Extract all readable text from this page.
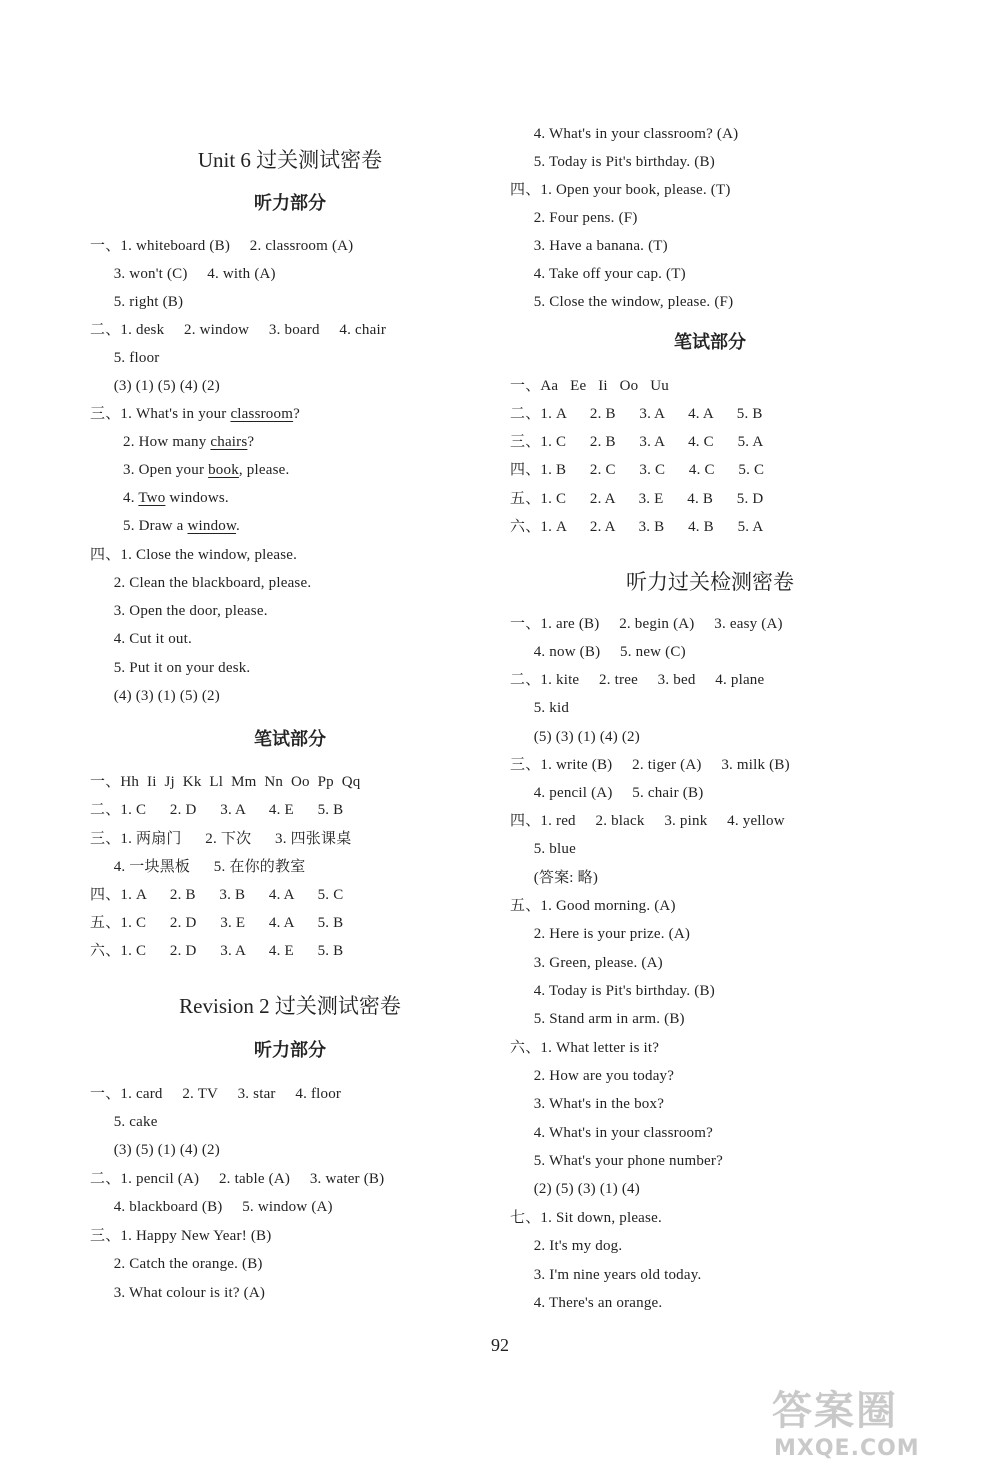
Unit 6 过关测试密卷
听力部分
一、1. whiteboard (B)     2. classroom (A)
3. won't (C)     4. with (A)
5. right (B)
二、1. desk     2. window     3. board     4. chair
5. floor
(3) (1) (5) (4) (2)
三、1. What's in your classroom?
2. How many chairs?
3. Open your book, please.
4. Two windows.
5. Draw a window.
四、1. Close the window, please.
2. Clean the blackboard, please.
3. Open the door, please.
4. Cut it out.
5. Put it on your desk.
(4) (3) (1) (5) (2)
笔试部分
一、Hh  Ii  Jj  Kk  Ll  Mm  Nn  Oo  Pp  Qq
二、1. C      2. D      3. A      4. E      5. B
三、1. 两扇门      2. 下次      3. 四张课桌
4. 一块黑板      5. 在你的教室
四、1. A      2. B      3. B      4. A      5. C
五、1. C      2. D      3. E      4. A      5. B
六、1. C      2. D      3. A      4. E      5. B
Revision 2 过关测试密卷
听力部分
一、1. card     2. TV     3. star     4. floor
5. cake
(3) (5) (1) (4) (2)
二、1. pencil (A)     2. table (A)     3. water (B)
4. blackboard (B)     5. window (A)
三、1. Happy New Year! (B)
2. Catch the orange. (B)
3. What colour is it? (A)
4. What's in your classroom? (A)
5. Today is Pit's birthday. (B)
四、1. Open your book, please. (T)
2. Four pens. (F)
3. Have a banana. (T)
4. Take off your cap. (T)
5. Close the window, please. (F)
笔试部分
一、Aa   Ee   Ii   Oo   Uu
二、1. A      2. B      3. A      4. A      5. B
三、1. C      2. B      3. A      4. C      5. A
四、1. B      2. C      3. C      4. C      5. C
五、1. C      2. A      3. E      4. B      5. D
六、1. A      2. A      3. B      4. B      5. A
听力过关检测密卷
一、1. are (B)     2. begin (A)     3. easy (A)
4. now (B)     5. new (C)
二、1. kite     2. tree     3. bed     4. plane
5. kid
(5) (3) (1) (4) (2)
三、1. write (B)     2. tiger (A)     3. milk (B)
4. pencil (A)     5. chair (B)
四、1. red     2. black     3. pink     4. yellow
5. blue
(答案: 略)
五、1. Good morning. (A)
2. Here is your prize. (A)
3. Green, please. (A)
4. Today is Pit's birthday. (B)
5. Stand arm in arm. (B)
六、1. What letter is it?
2. How are you today?
3. What's in the box?
4. What's in your classroom?
5. What's your phone number?
(2) (5) (3) (1) (4)
七、1. Sit down, please.
2. It's my dog.
3. I'm nine years old today.
4. There's an orange.
92
答案圈
MXQE.COM
